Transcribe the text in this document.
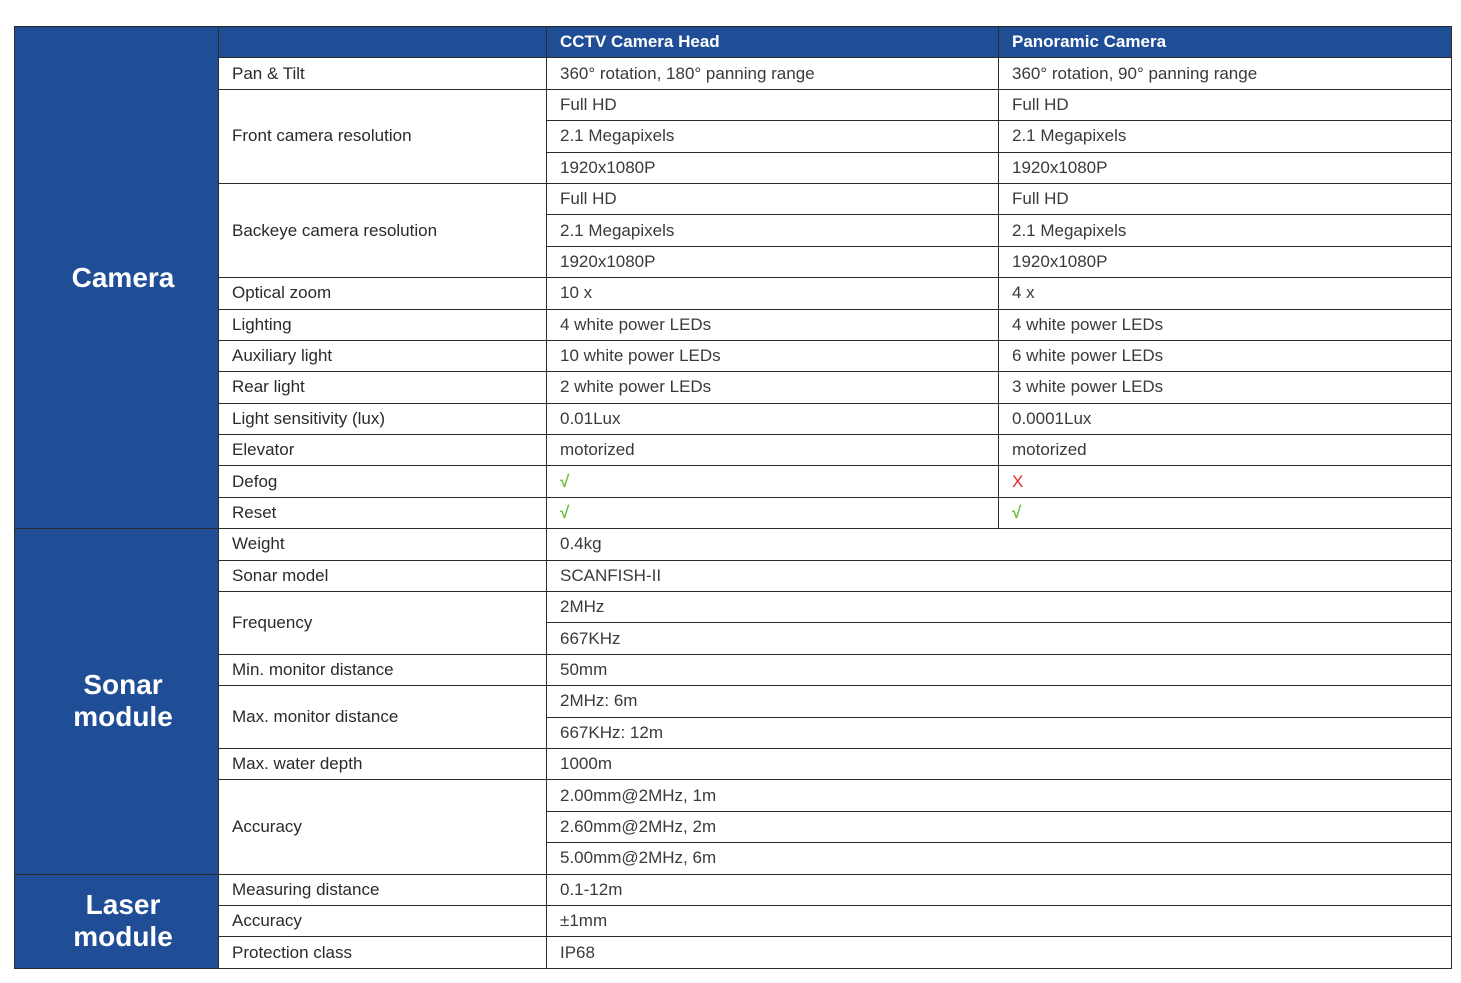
Camera		CCTV Camera Head	Panoramic Camera
	Pan & Tilt	360° rotation, 180° panning range	360° rotation, 90° panning range
	Front camera resolution	Full HD	Full HD
		2.1 Megapixels	2.1 Megapixels
		1920x1080P	1920x1080P
	Backeye camera resolution	Full HD	Full HD
		2.1 Megapixels	2.1 Megapixels
		1920x1080P	1920x1080P
	Optical zoom	10 x	4 x
	Lighting	4 white power LEDs	4 white power LEDs
	Auxiliary light	10 white power LEDs	6 white power LEDs
	Rear light	2 white power LEDs	3 white power LEDs
	Light sensitivity (lux)	0.01Lux	0.0001Lux
	Elevator	motorized	motorized
	Defog	√	X
	Reset	√	√
Sonar
module	Weight	0.4kg	
	Sonar model	SCANFISH-II	
	Frequency	2MHz	
		667KHz	
	Min. monitor distance	50mm	
	Max. monitor distance	2MHz: 6m	
		667KHz: 12m	
	Max. water depth	1000m	
	Accuracy	2.00mm@2MHz, 1m	
		2.60mm@2MHz, 2m	
		5.00mm@2MHz, 6m	
Laser
module	Measuring distance	0.1-12m	
	Accuracy	±1mm	
	Protection class	IP68	
